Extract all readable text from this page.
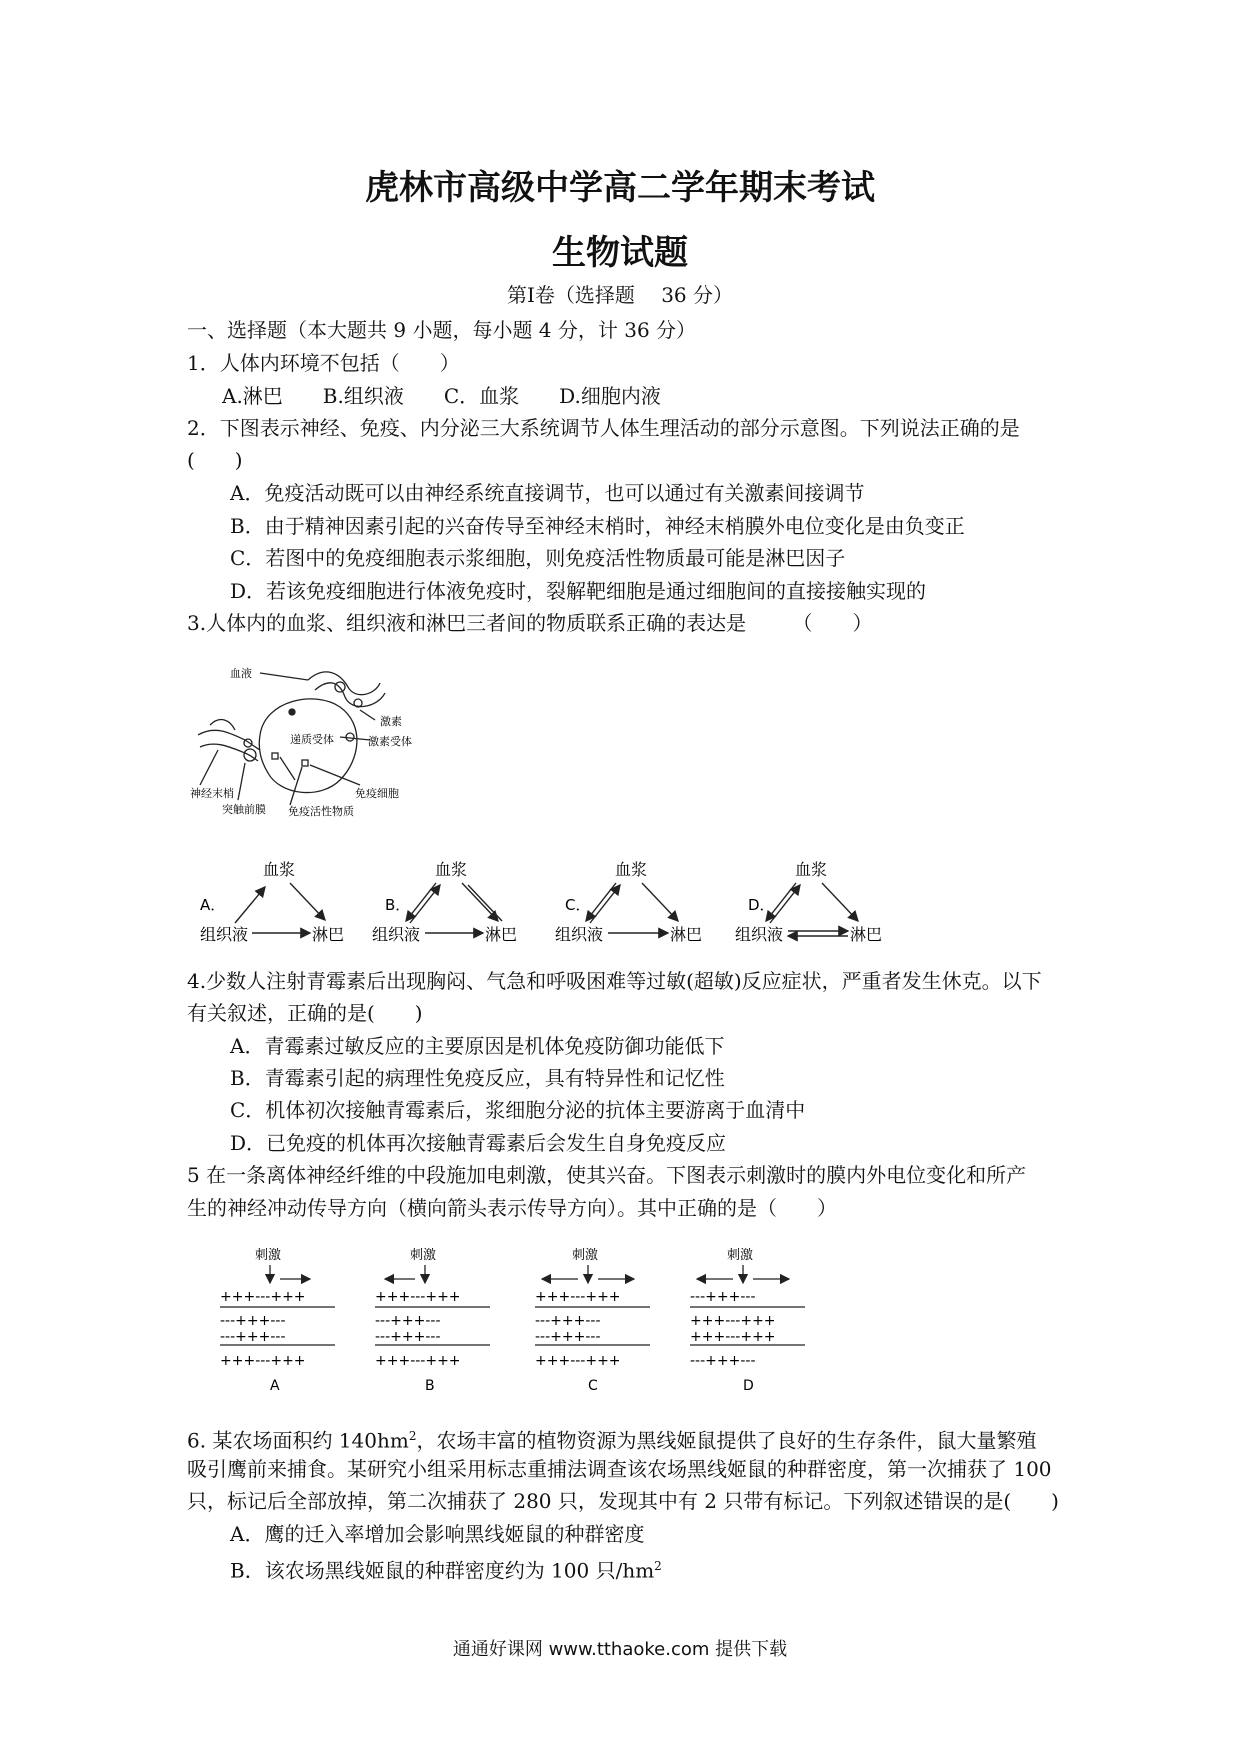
虎林市高级中学高二学年期末考试
生物试题
第Ⅰ卷（选择题　 36 分）
一、选择题（本大题共 9 小题，每小题 4 分，计 36 分）
1．人体内环境不包括（　　）
A.淋巴　　B.组织液　　C．血浆　　D.细胞内液
2．下图表示神经、免疫、内分泌三大系统调节人体生理活动的部分示意图。下列说法正确的是
(　　)
A．免疫活动既可以由神经系统直接调节，也可以通过有关激素间接调节
B．由于精神因素引起的兴奋传导至神经末梢时，神经末梢膜外电位变化是由负变正
C．若图中的免疫细胞表示浆细胞，则免疫活性物质最可能是淋巴因子
D．若该免疫细胞进行体液免疫时，裂解靶细胞是通过细胞间的直接接触实现的
3.人体内的血浆、组织液和淋巴三者间的物质联系正确的表达是　　 （　　）
血液
激素
递质受体	激素受体
神经末梢
突触前膜
免疫细胞
免疫活性物质
A．
血浆
组织液	淋巴
B．
血浆
组织液	淋巴
C．
血浆
组织液	淋巴
D．
血浆
组织液	淋巴
4.少数人注射青霉素后出现胸闷、气急和呼吸困难等过敏(超敏)反应症状，严重者发生休克。以下
有关叙述，正确的是(　　)
A．青霉素过敏反应的主要原因是机体免疫防御功能低下
B．青霉素引起的病理性免疫反应，具有特异性和记忆性
C．机体初次接触青霉素后，浆细胞分泌的抗体主要游离于血清中
D．已免疫的机体再次接触青霉素后会发生自身免疫反应
5 在一条离体神经纤维的中段施加电刺激，使其兴奋。下图表示刺激时的膜内外电位变化和所产
生的神经冲动传导方向（横向箭头表示传导方向）。其中正确的是（　　）
刺激
+++---+++
---+++---
---+++---
+++---+++
A
刺激
+++---+++
---+++---
---+++---
+++---+++
B
刺激
+++---+++
---+++---
---+++---
+++---+++
C
刺激
---+++---
+++---+++
+++---+++
---+++---
D
6. 某农场面积约 $140hm^2$，农场丰富的植物资源为黑线姬鼠提供了良好的生存条件，鼠大量繁殖
吸引鹰前来捕食。某研究小组采用标志重捕法调查该农场黑线姬鼠的种群密度，第一次捕获了 100
只，标记后全部放掉，第二次捕获了 280 只，发现其中有 2 只带有标记。下列叙述错误的是(　　)
A．鹰的迁入率增加会影响黑线姬鼠的种群密度
B．该农场黑线姬鼠的种群密度约为 100 只$/hm^2$
通通好课网 www.tthaoke.com 提供下载
